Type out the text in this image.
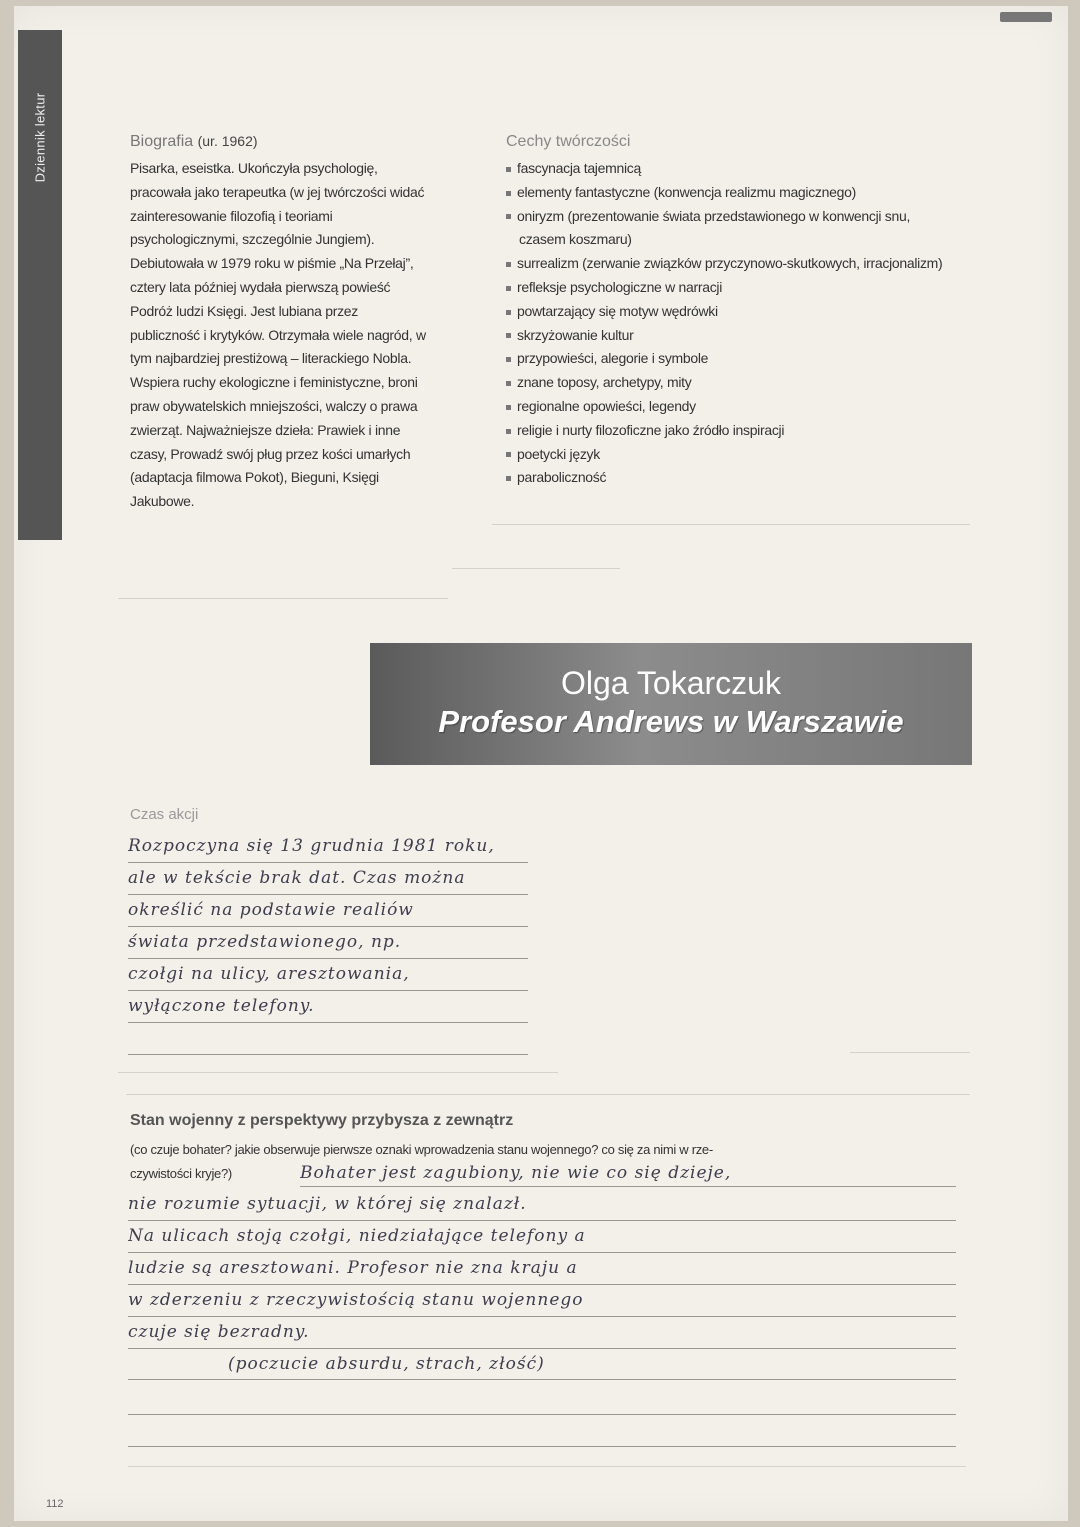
Dziennik lektur	Biografia (ur. 1962)

Pisarka, eseistka. Ukończyła psychologię, pracowała jako terapeutka (w jej twórczości widać zainteresowanie filozofią i teoriami psychologicznymi, szczególnie Jungiem). Debiutowała w 1979 roku w piśmie „Na Przełaj”, cztery lata później wydała pierwszą powieść Podróż ludzi Księgi. Jest lubiana przez publiczność i krytyków. Otrzymała wiele nagród, w tym najbardziej prestiżową – literackiego Nobla. Wspiera ruchy ekologiczne i feministyczne, broni praw obywatelskich mniejszości, walczy o prawa zwierząt. Najważniejsze dzieła: Prawiek i inne czasy, Prowadź swój pług przez kości umarłych (adaptacja filmowa Pokot), Bieguni, Księgi Jakubowe.

Cechy twórczości
fascynacja tajemnicą
elementy fantastyczne (konwencja realizmu magicznego)
oniryzm (prezentowanie świata przedstawionego w konwencji snu, czasem koszmaru)
surrealizm (zerwanie związków przyczynowo-skutkowych, irracjonalizm)
refleksje psychologiczne w narracji
powtarzający się motyw wędrówki
skrzyżowanie kultur
przypowieści, alegorie i symbole
znane toposy, archetypy, mity
regionalne opowieści, legendy
religie i nurty filozoficzne jako źródło inspiracji
poetycki język
paraboliczność
Olga Tokarczuk
Profesor Andrews w Warszawie
Czas akcji
Rozpoczyna się 13 grudnia 1981 roku,
ale w tekście brak dat. Czas można
określić na podstawie realiów
świata przedstawionego, np.
czołgi na ulicy, aresztowania,
wyłączone telefony.
Stan wojenny z perspektywy przybysza z zewnątrz
(co czuje bohater? jakie obserwuje pierwsze oznaki wprowadzenia stanu wojennego? co się za nimi w rze-
czywistości kryje?)	Bohater jest zagubiony, nie wie co się dzieje,
nie rozumie sytuacji, w której się znalazł.
Na ulicach stoją czołgi, niedziałające telefony a
ludzie są aresztowani. Profesor nie zna kraju a
w zderzeniu z rzeczywistością stanu wojennego
czuje się bezradny.
(poczucie absurdu, strach, złość)
112
